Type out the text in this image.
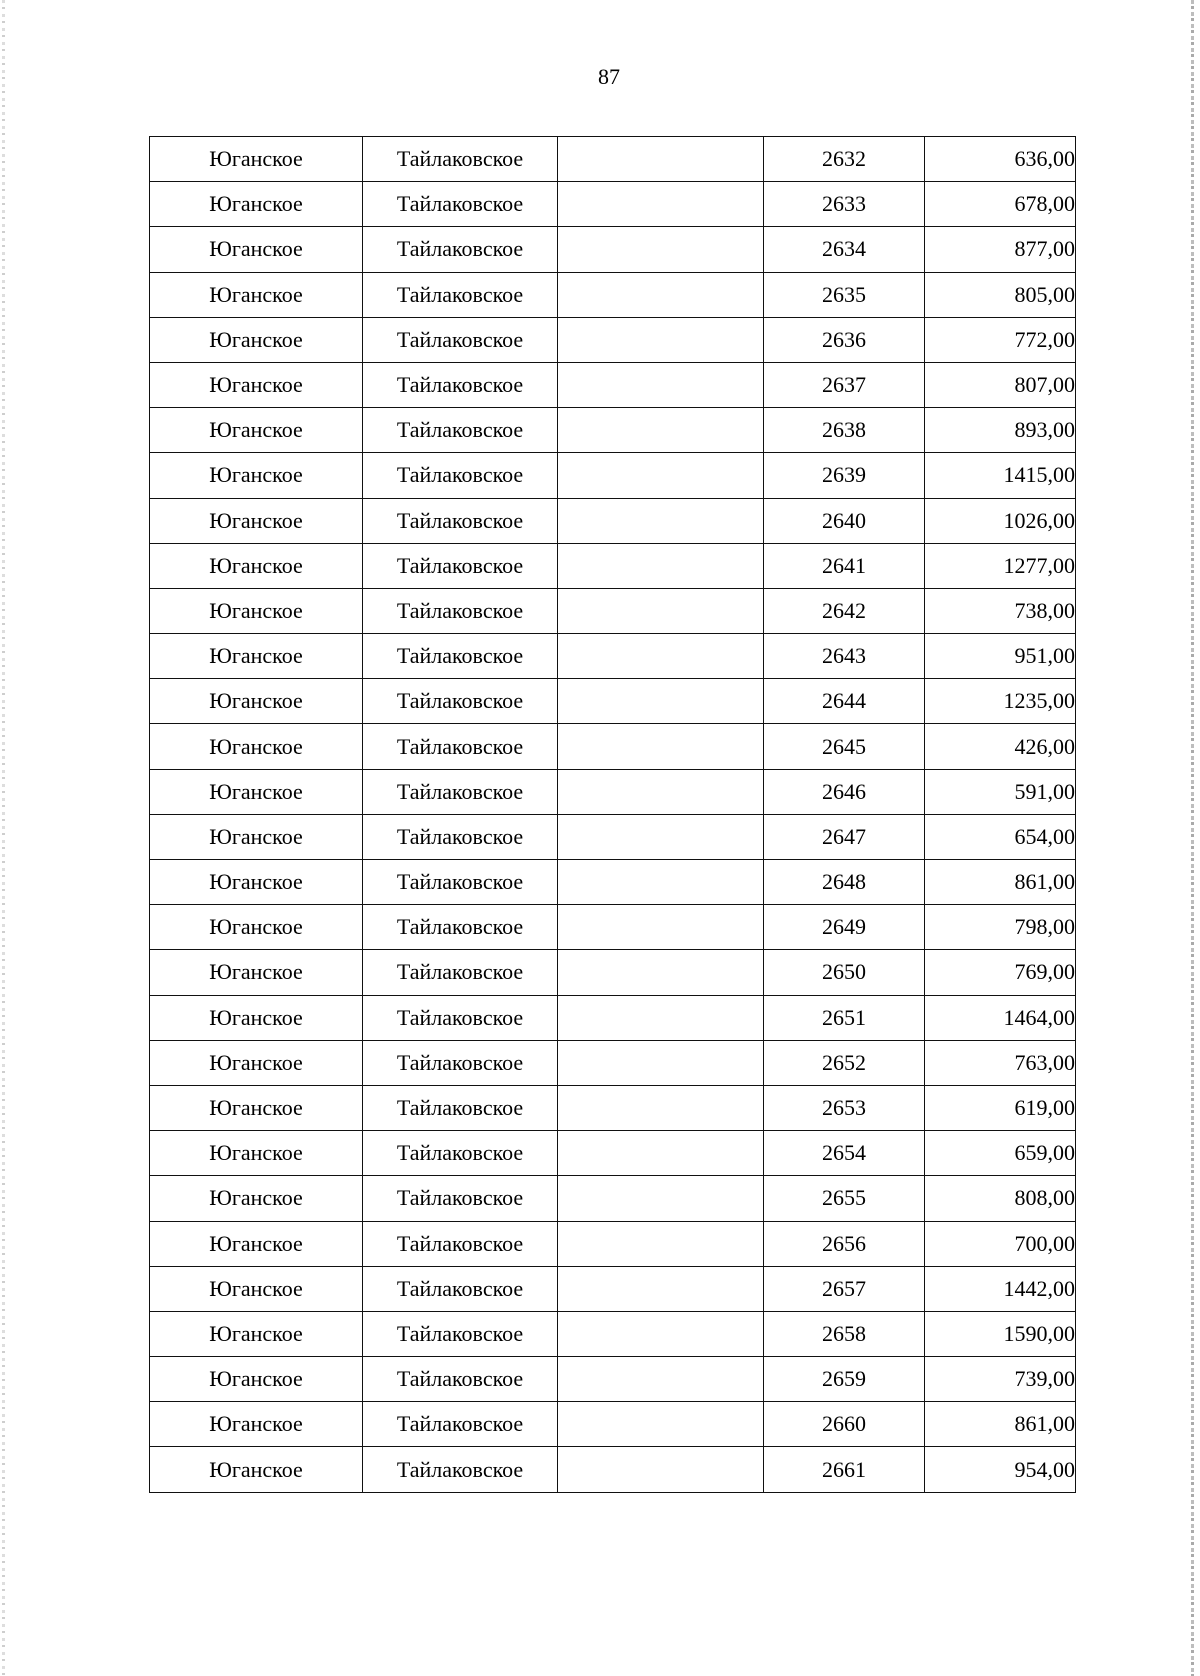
87
Юганское	Тайлаковское		2632	636,00
Юганское	Тайлаковское		2633	678,00
Юганское	Тайлаковское		2634	877,00
Юганское	Тайлаковское		2635	805,00
Юганское	Тайлаковское		2636	772,00
Юганское	Тайлаковское		2637	807,00
Юганское	Тайлаковское		2638	893,00
Юганское	Тайлаковское		2639	1415,00
Юганское	Тайлаковское		2640	1026,00
Юганское	Тайлаковское		2641	1277,00
Юганское	Тайлаковское		2642	738,00
Юганское	Тайлаковское		2643	951,00
Юганское	Тайлаковское		2644	1235,00
Юганское	Тайлаковское		2645	426,00
Юганское	Тайлаковское		2646	591,00
Юганское	Тайлаковское		2647	654,00
Юганское	Тайлаковское		2648	861,00
Юганское	Тайлаковское		2649	798,00
Юганское	Тайлаковское		2650	769,00
Юганское	Тайлаковское		2651	1464,00
Юганское	Тайлаковское		2652	763,00
Юганское	Тайлаковское		2653	619,00
Юганское	Тайлаковское		2654	659,00
Юганское	Тайлаковское		2655	808,00
Юганское	Тайлаковское		2656	700,00
Юганское	Тайлаковское		2657	1442,00
Юганское	Тайлаковское		2658	1590,00
Юганское	Тайлаковское		2659	739,00
Юганское	Тайлаковское		2660	861,00
Юганское	Тайлаковское		2661	954,00
